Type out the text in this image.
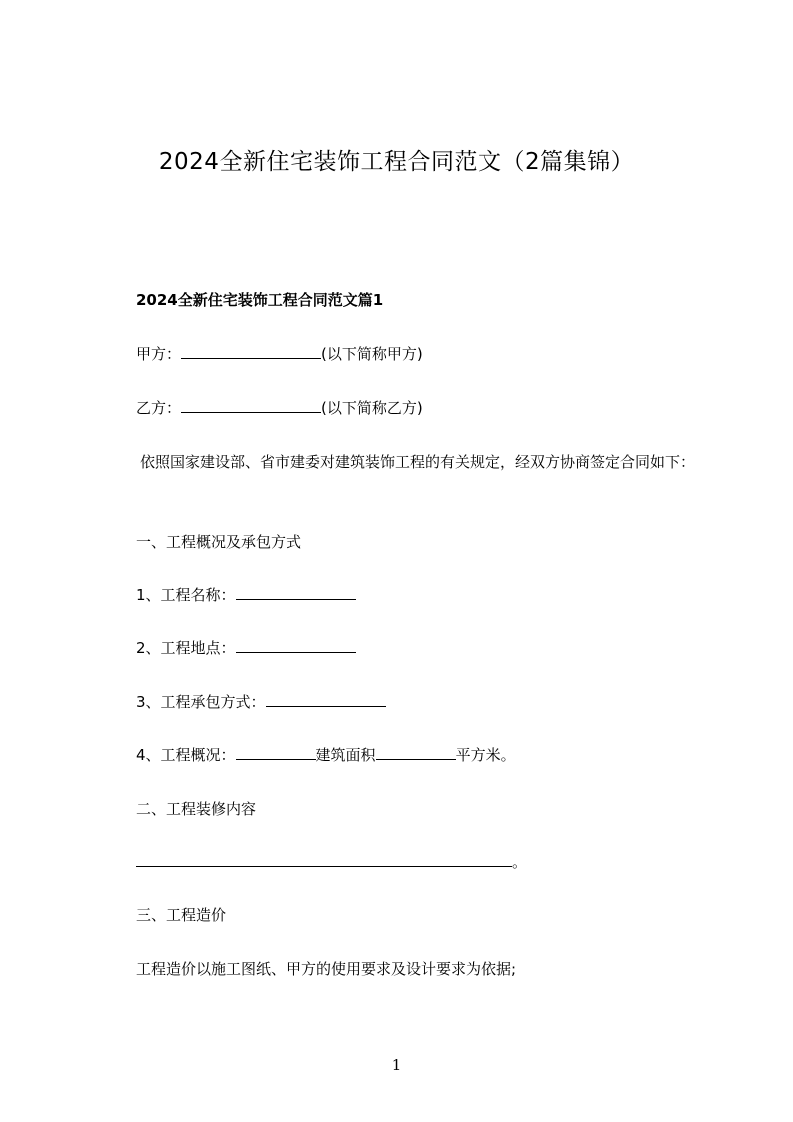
2024全新住宅装饰工程合同范文（2篇集锦）
2024全新住宅装饰工程合同范文篇1
甲方：	(以下简称甲方)
乙方：	(以下简称乙方)
依照国家建设部、省市建委对建筑装饰工程的有关规定，经双方协商签定合同如下：
一、工程概况及承包方式
1、工程名称：
2、工程地点：
3、工程承包方式：
4、工程概况：	建筑面积	平方米。
二、工程装修内容
。
三、工程造价
工程造价以施工图纸、甲方的使用要求及设计要求为依据;
1
